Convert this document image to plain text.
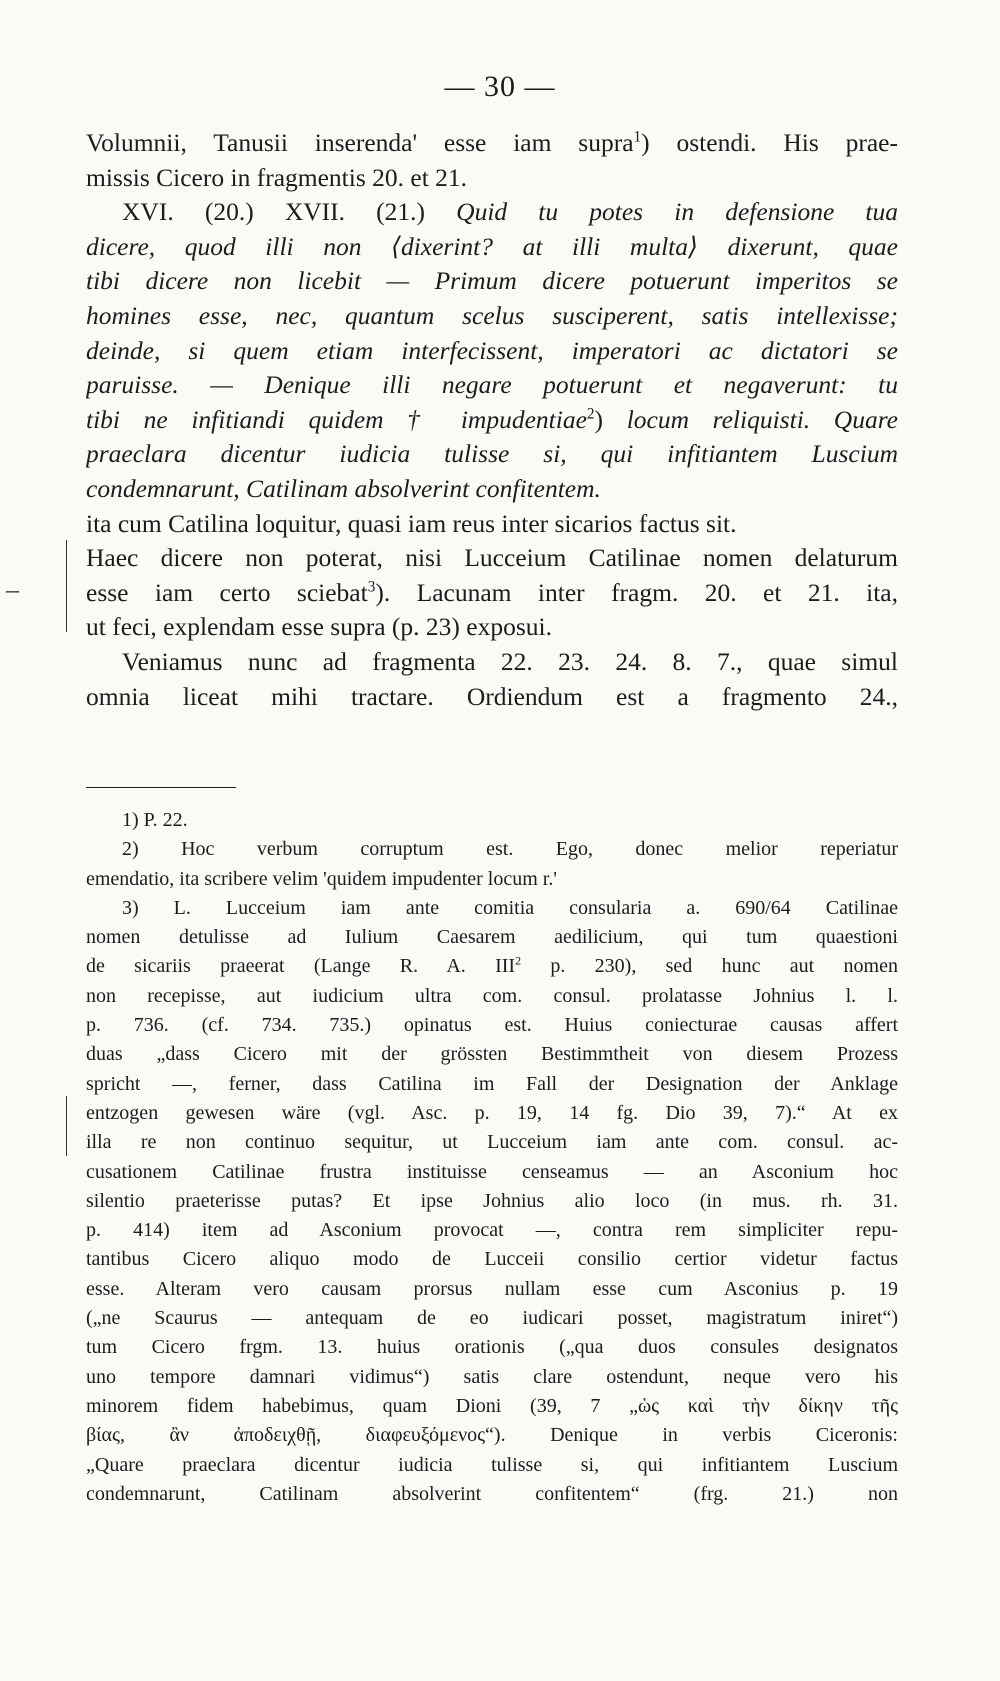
— 30 —
Volumnii, Tanusii inserenda' esse iam supra$^1$) ostendi. His prae-
missis Cicero in fragmentis 20. et 21.
XVI. (20.) XVII. (21.) Quid tu potes in defensione tua
dicere, quod illi non ⟨dixerint? at illi multa⟩ dixerunt, quae
tibi dicere non licebit — Primum dicere potuerunt imperitos se
homines esse, nec, quantum scelus susciperent, satis intellexisse;
deinde, si quem etiam interfecissent, imperatori ac dictatori se
paruisse. — Denique illi negare potuerunt et negaverunt: tu
tibi ne infitiandi quidem † impudentiae$^2$) locum reliquisti. Quare
praeclara dicentur iudicia tulisse si, qui infitiantem Luscium
condemnarunt, Catilinam absolverint confitentem.
ita cum Catilina loquitur, quasi iam reus inter sicarios factus sit.
Haec dicere non poterat, nisi Lucceium Catilinae nomen delaturum
esse iam certo sciebat$^3$). Lacunam inter fragm. 20. et 21. ita,
ut feci, explendam esse supra (p. 23) exposui.
Veniamus nunc ad fragmenta 22. 23. 24. 8. 7., quae simul
omnia liceat mihi tractare. Ordiendum est a fragmento 24.,
1) P. 22.
2) Hoc verbum corruptum est. Ego, donec melior reperiatur
emendatio, ita scribere velim 'quidem impudenter locum r.'
3) L. Lucceium iam ante comitia consularia a. 690/64 Catilinae
nomen detulisse ad Iulium Caesarem aedilicium, qui tum quaestioni
de sicariis praeerat (Lange R. A. III$^2$ p. 230), sed hunc aut nomen
non recepisse, aut iudicium ultra com. consul. prolatasse Johnius l. l.
p. 736. (cf. 734. 735.) opinatus est. Huius coniecturae causas affert
duas „dass Cicero mit der grössten Bestimmtheit von diesem Prozess
spricht —, ferner, dass Catilina im Fall der Designation der Anklage
entzogen gewesen wäre (vgl. Asc. p. 19, 14 fg. Dio 39, 7).“ At ex
illa re non continuo sequitur, ut Lucceium iam ante com. consul. ac-
cusationem Catilinae frustra instituisse censeamus — an Asconium hoc
silentio praeterisse putas? Et ipse Johnius alio loco (in mus. rh. 31.
p. 414) item ad Asconium provocat —, contra rem simpliciter repu-
tantibus Cicero aliquo modo de Lucceii consilio certior videtur factus
esse. Alteram vero causam prorsus nullam esse cum Asconius p. 19
(„ne Scaurus — antequam de eo iudicari posset, magistratum iniret“)
tum Cicero frgm. 13. huius orationis („qua duos consules designatos
uno tempore damnari vidimus“) satis clare ostendunt, neque vero his
minorem fidem habebimus, quam Dioni (39, 7 „ὡς καὶ τὴν δίκην τῆς
βίας, ἂν ἀποδειχθῇ, διαφευξόμενος“). Denique in verbis Ciceronis:
„Quare praeclara dicentur iudicia tulisse si, qui infitiantem Luscium
condemnarunt, Catilinam absolverint confitentem“ (frg. 21.) non
–
